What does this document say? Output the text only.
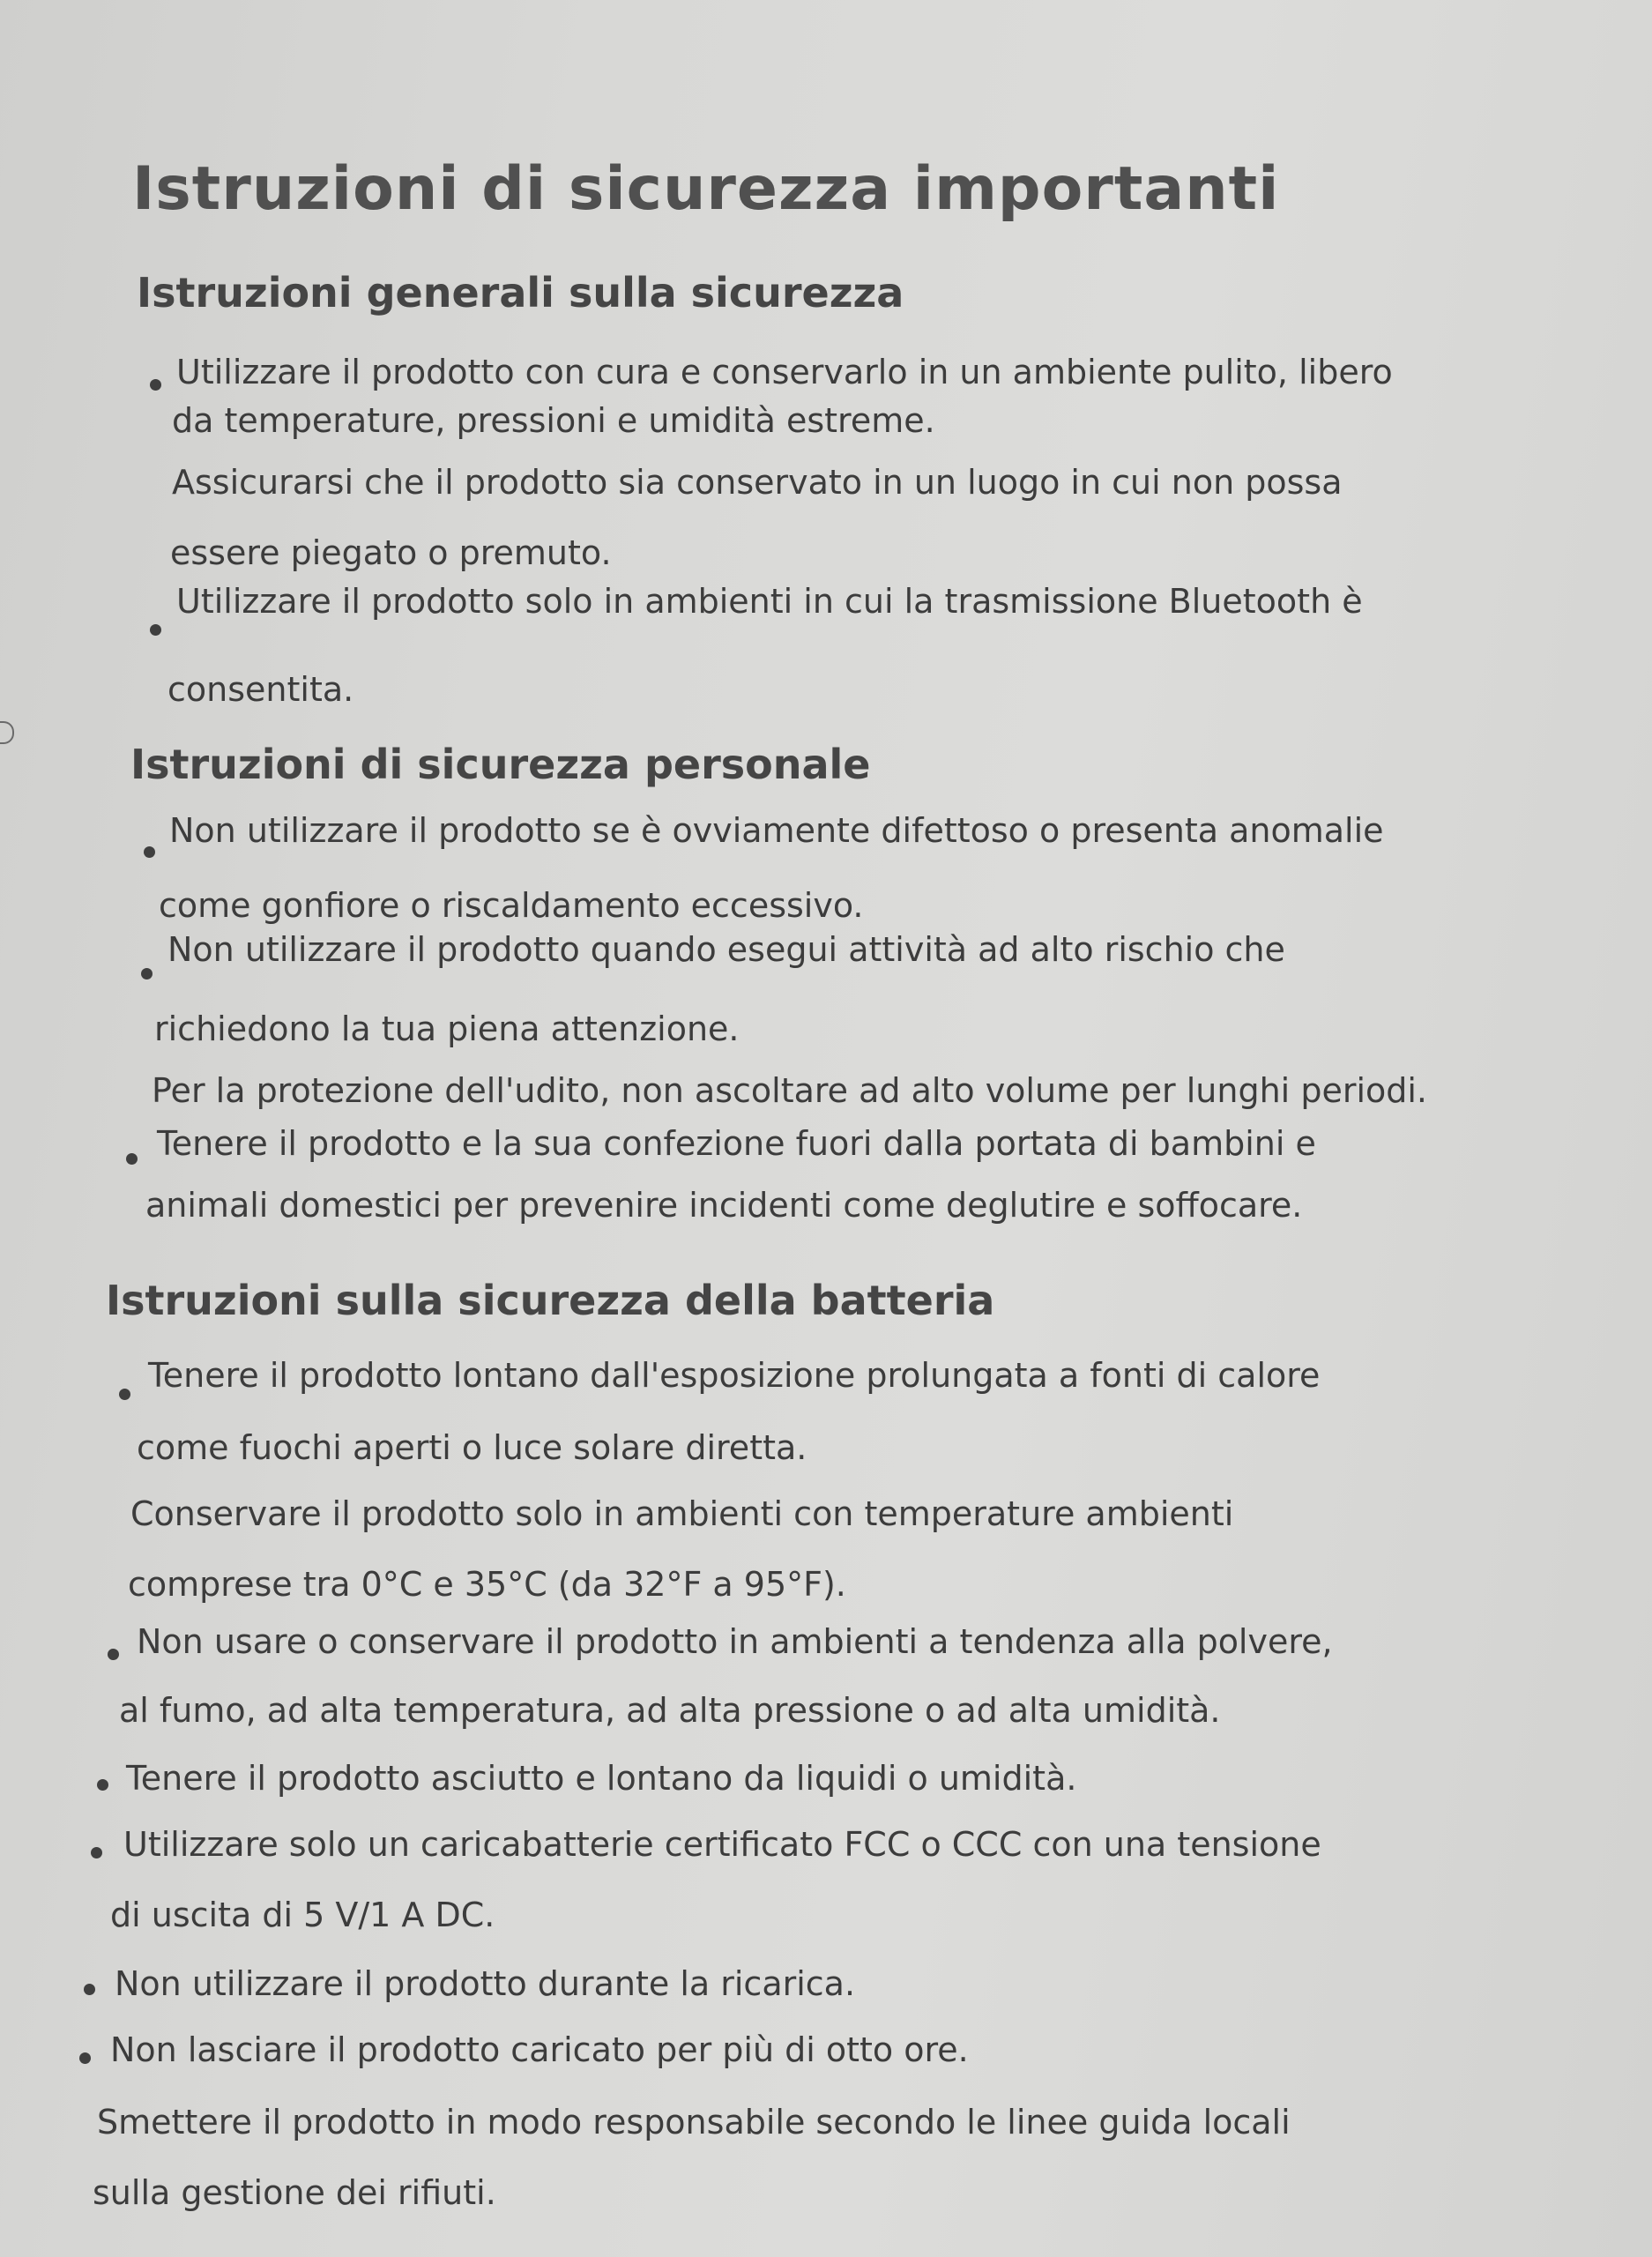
Istruzioni di sicurezza importanti
Istruzioni generali sulla sicurezza
Utilizzare il prodotto con cura e conservarlo in un ambiente pulito, libero
da temperature, pressioni e umidità estreme.
Assicurarsi che il prodotto sia conservato in un luogo in cui non possa
essere piegato o premuto.
Utilizzare il prodotto solo in ambienti in cui la trasmissione Bluetooth è
consentita.
Istruzioni di sicurezza personale
Non utilizzare il prodotto se è ovviamente difettoso o presenta anomalie
come gonfiore o riscaldamento eccessivo.
Non utilizzare il prodotto quando esegui attività ad alto rischio che
richiedono la tua piena attenzione.
Per la protezione dell'udito, non ascoltare ad alto volume per lunghi periodi.
Tenere il prodotto e la sua confezione fuori dalla portata di bambini e
animali domestici per prevenire incidenti come deglutire e soffocare.
Istruzioni sulla sicurezza della batteria
Tenere il prodotto lontano dall'esposizione prolungata a fonti di calore
come fuochi aperti o luce solare diretta.
Conservare il prodotto solo in ambienti con temperature ambienti
comprese tra 0°C e 35°C (da 32°F a 95°F).
Non usare o conservare il prodotto in ambienti a tendenza alla polvere,
al fumo, ad alta temperatura, ad alta pressione o ad alta umidità.
Tenere il prodotto asciutto e lontano da liquidi o umidità.
Utilizzare solo un caricabatterie certificato FCC o CCC con una tensione
di uscita di 5 V/1 A DC.
Non utilizzare il prodotto durante la ricarica.
Non lasciare il prodotto caricato per più di otto ore.
Smettere il prodotto in modo responsabile secondo le linee guida locali
sulla gestione dei rifiuti.
